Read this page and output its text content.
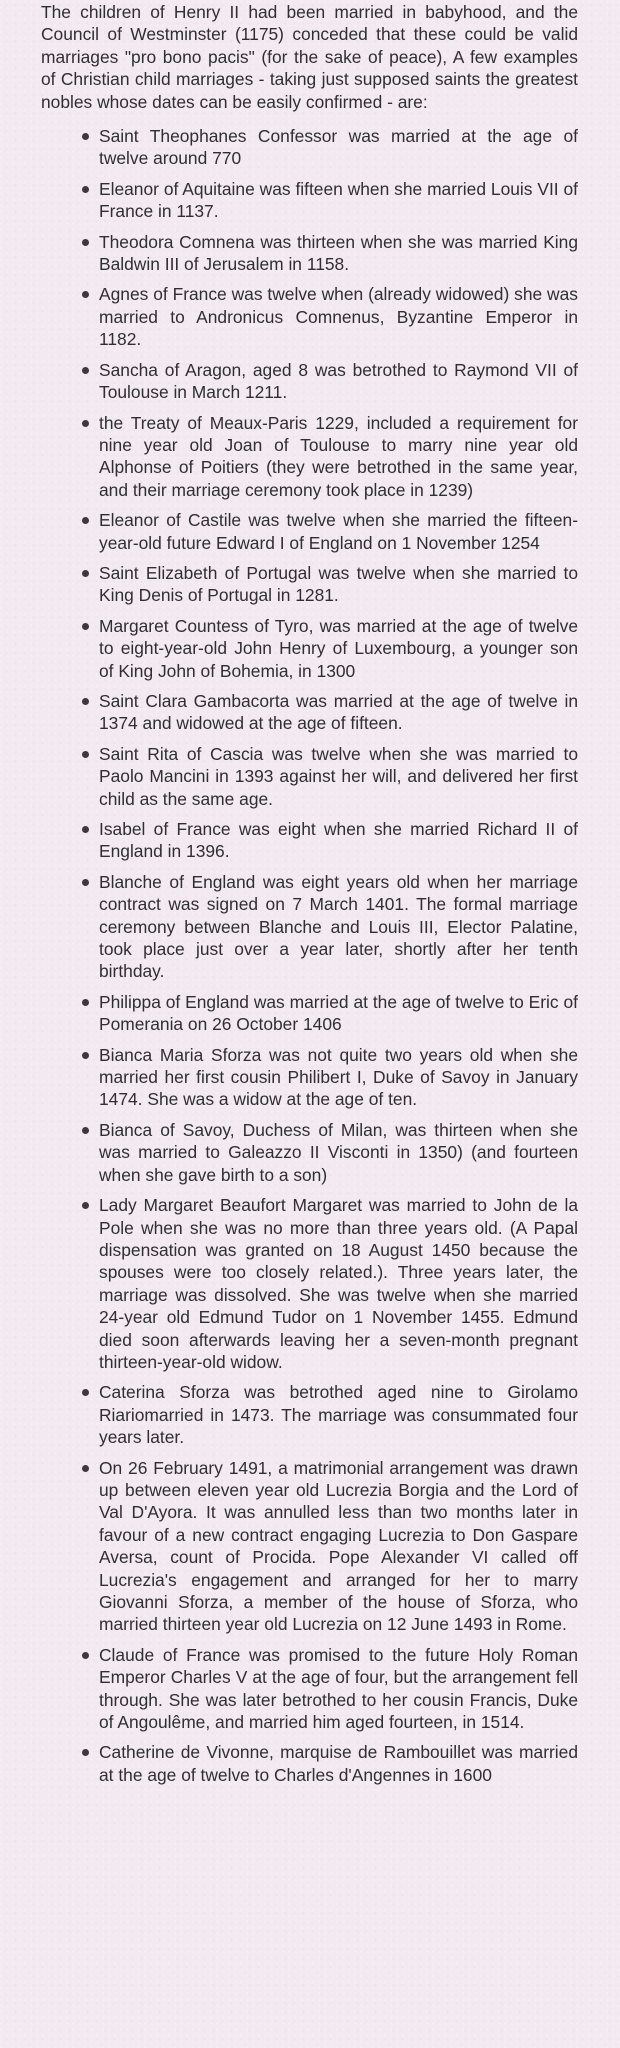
The children of Henry II had been married in babyhood, and the Council of Westminster (1175) conceded that these could be valid marriages "pro bono pacis" (for the sake of peace), A few examples of Christian child marriages - taking just supposed saints the greatest nobles whose dates can be easily confirmed - are:

Saint Theophanes Confessor was married at the age of twelve around 770
Eleanor of Aquitaine was fifteen when she married Louis VII of France in 1137.
Theodora Comnena was thirteen when she was married King Baldwin III of Jerusalem in 1158.
Agnes of France was twelve when (already widowed) she was married to Andronicus Comnenus, Byzantine Emperor in 1182.
Sancha of Aragon, aged 8 was betrothed to Raymond VII of Toulouse in March 1211.
the Treaty of Meaux-Paris 1229, included a requirement for nine year old Joan of Toulouse to marry nine year old Alphonse of Poitiers (they were betrothed in the same year, and their marriage ceremony took place in 1239)
Eleanor of Castile was twelve when she married the fifteen-year-old future Edward I of England on 1 November 1254
Saint Elizabeth of Portugal was twelve when she married to King Denis of Portugal in 1281.
Margaret Countess of Tyro, was married at the age of twelve to eight-year-old John Henry of Luxembourg, a younger son of King John of Bohemia, in 1300
Saint Clara Gambacorta was married at the age of twelve in 1374 and widowed at the age of fifteen.
Saint Rita of Cascia was twelve when she was married to Paolo Mancini in 1393 against her will, and delivered her first child as the same age.
Isabel of France was eight when she married Richard II of England in 1396.
Blanche of England was eight years old when her marriage contract was signed on 7 March 1401. The formal marriage ceremony between Blanche and Louis III, Elector Palatine, took place just over a year later, shortly after her tenth birthday.
Philippa of England was married at the age of twelve to Eric of Pomerania on 26 October 1406
Bianca Maria Sforza was not quite two years old when she married her first cousin Philibert I, Duke of Savoy in January 1474. She was a widow at the age of ten.
Bianca of Savoy, Duchess of Milan, was thirteen when she was married to Galeazzo II Visconti in 1350) (and fourteen when she gave birth to a son)
Lady Margaret Beaufort Margaret was married to John de la Pole when she was no more than three years old. (A Papal dispensation was granted on 18 August 1450 because the spouses were too closely related.). Three years later, the marriage was dissolved. She was twelve when she married 24-year old Edmund Tudor on 1 November 1455. Edmund died soon afterwards leaving her a seven-month pregnant thirteen-year-old widow.
Caterina Sforza was betrothed aged nine to Girolamo Riariomarried in 1473. The marriage was consummated four years later.
On 26 February 1491, a matrimonial arrangement was drawn up between eleven year old Lucrezia Borgia and the Lord of Val D'Ayora. It was annulled less than two months later in favour of a new contract engaging Lucrezia to Don Gaspare Aversa, count of Procida. Pope Alexander VI called off Lucrezia's engagement and arranged for her to marry Giovanni Sforza, a member of the house of Sforza, who married thirteen year old Lucrezia on 12 June 1493 in Rome.
Claude of France was promised to the future Holy Roman Emperor Charles V at the age of four, but the arrangement fell through. She was later betrothed to her cousin Francis, Duke of Angoulême, and married him aged fourteen, in 1514.
Catherine de Vivonne, marquise de Rambouillet was married at the age of twelve to Charles d'Angennes in 1600
